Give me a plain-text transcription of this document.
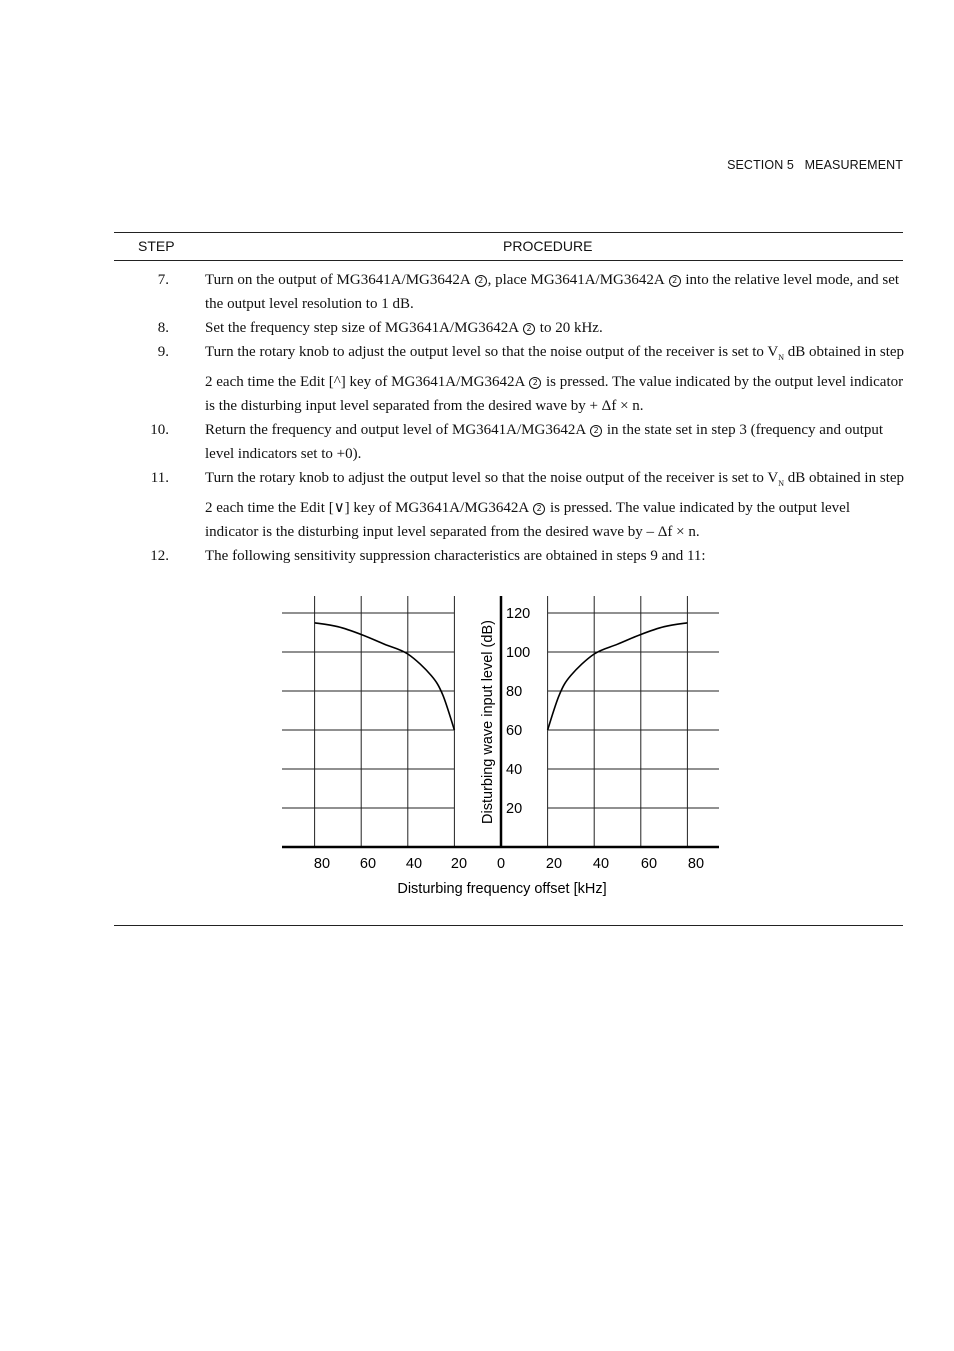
SECTION 5   MEASUREMENT
STEP	PROCEDURE
7. Turn on the output of MG3641A/MG3642A 2 , place MG3641A/MG3642A 2 into the relative level mode, and set the output level resolution to 1 dB.
8. Set the frequency step size of MG3641A/MG3642A 2 to 20 kHz.
9. Turn the rotary knob to adjust the output level so that the noise output of the receiver is set to $V_N$ dB obtained in step 2 each time the Edit [^] key of MG3641A/MG3642A 2 is pressed. The value indicated by the output level indicator is the disturbing input level separated from the desired wave by + Δf × n.
10. Return the frequency and output level of MG3641A/MG3642A 2 in the state set in step 3 (frequency and output level indicators set to +0).
11. Turn the rotary knob to adjust the output level so that the noise output of the receiver is set to $V_N$ dB obtained in step 2 each time the Edit [∨] key of MG3641A/MG3642A 2 is pressed. The value indicated by the output level indicator is the disturbing input level separated from the desired wave by – Δf × n.
12. The following sensitivity suppression characteristics are obtained in steps 9 and 11:
80 60 40 20 0	20 40 60 80
120
100
80
60
40
20
Disturbing wave input level (dB)
Disturbing frequency offset [kHz]
